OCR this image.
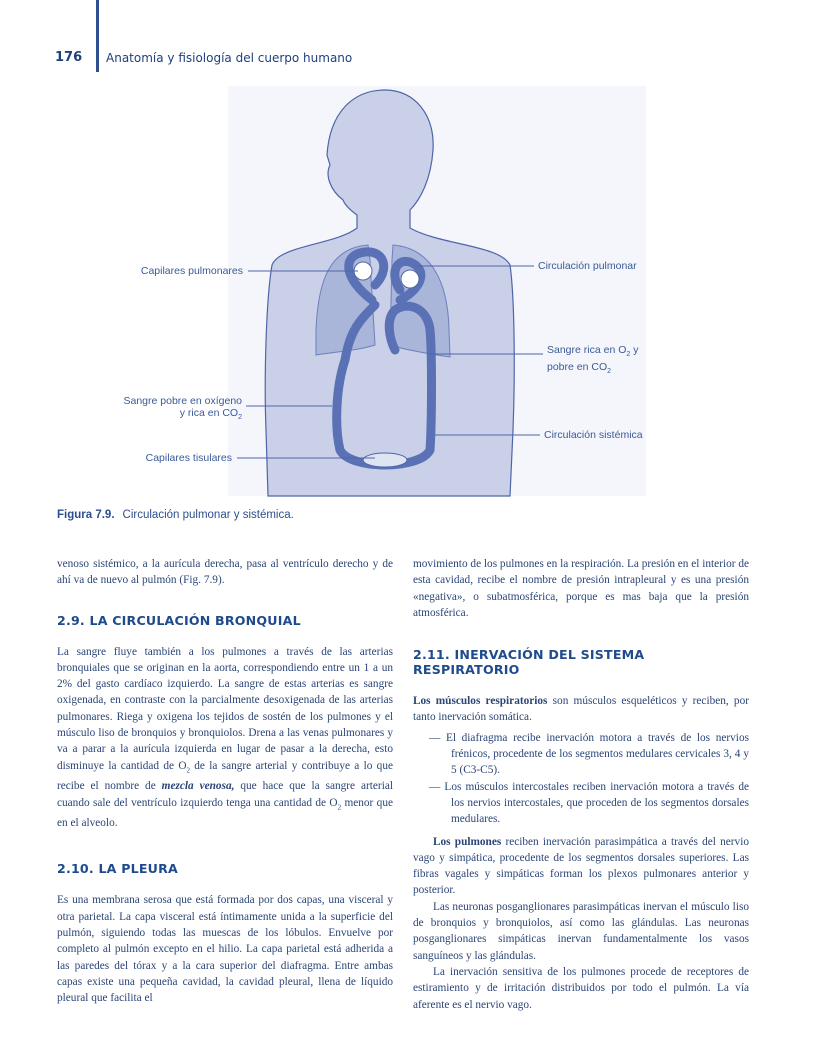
176 Anatomía y fisiología del cuerpo humano
Capilares pulmonares	Circulación pulmonar
Sangre rica en $O_2$ y
pobre en $CO_2$
Sangre pobre en oxígeno
y rica en $CO_2$
Circulación sistémica
Capilares tisulares
Figura 7.9. Circulación pulmonar y sistémica.

venoso sistémico, a la aurícula derecha, pasa al ventrículo derecho y de ahí va de nuevo al pulmón (Fig. 7.9).

2.9. LA CIRCULACIÓN BRONQUIAL

La sangre fluye también a los pulmones a través de las arterias bronquiales que se originan en la aorta, correspondiendo entre un 1 a un 2% del gasto cardíaco izquierdo. La sangre de estas arterias es sangre oxigenada, en contraste con la parcialmente desoxigenada de las arterias pulmonares. Riega y oxigena los tejidos de sostén de los pulmones y el músculo liso de bronquios y bronquiolos. Drena a las venas pulmonares y va a parar a la aurícula izquierda en lugar de pasar a la derecha, esto disminuye la cantidad de $O_2$ de la sangre arterial y contribuye a lo que recibe el nombre de mezcla venosa, que hace que la sangre arterial cuando sale del ventrículo izquierdo tenga una cantidad de $O_2$ menor que en el alveolo.

2.10. LA PLEURA

Es una membrana serosa que está formada por dos capas, una visceral y otra parietal. La capa visceral está íntimamente unida a la superficie del pulmón, siguiendo todas las muescas de los lóbulos. Envuelve por completo al pulmón excepto en el hilio. La capa parietal está adherida a las paredes del tórax y a la cara superior del diafragma. Entre ambas capas existe una pequeña cavidad, la cavidad pleural, llena de líquido pleural que facilita el

movimiento de los pulmones en la respiración. La presión en el interior de esta cavidad, recibe el nombre de presión intrapleural y es una presión «negativa», o subatmosférica, porque es mas baja que la presión atmosférica.

2.11. INERVACIÓN DEL SISTEMA RESPIRATORIO

Los músculos respiratorios son músculos esqueléticos y reciben, por tanto inervación somática.

— El diafragma recibe inervación motora a través de los nervios frénicos, procedente de los segmentos medulares cervicales 3, 4 y 5 (C3-C5).

— Los músculos intercostales reciben inervación motora a través de los nervios intercostales, que proceden de los segmentos dorsales medulares.

Los pulmones reciben inervación parasimpática a través del nervio vago y simpática, procedente de los segmentos dorsales superiores. Las fibras vagales y simpáticas forman los plexos pulmonares anterior y posterior.

Las neuronas posganglionares parasimpáticas inervan el músculo liso de bronquios y bronquiolos, así como las glándulas. Las neuronas posganglionares simpáticas inervan fundamentalmente los vasos sanguíneos y las glándulas.

La inervación sensitiva de los pulmones procede de receptores de estiramiento y de irritación distribuidos por todo el pulmón. La vía aferente es el nervio vago.
